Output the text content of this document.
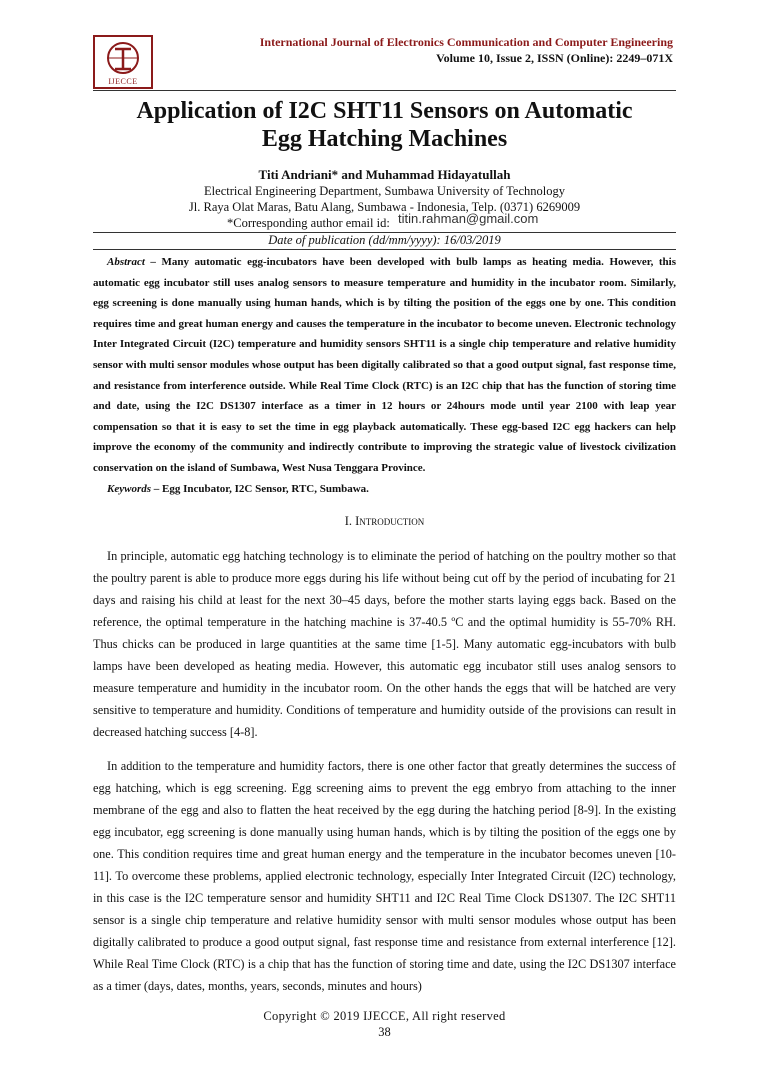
IJECCE
International Journal of Electronics Communication and Computer Engineering
Volume 10, Issue 2, ISSN (Online): 2249–071X
Application of I2C SHT11 Sensors on Automatic
Egg Hatching Machines
Titi Andriani* and Muhammad Hidayatullah
Electrical Engineering Department, Sumbawa University of Technology
Jl. Raya Olat Maras, Batu Alang, Sumbawa - Indonesia, Telp. (0371) 6269009
*Corresponding author email id: titin.rahman@gmail.com
Date of publication (dd/mm/yyyy): 16/03/2019

Abstract – Many automatic egg-incubators have been developed with bulb lamps as heating media. However, this automatic egg incubator still uses analog sensors to measure temperature and humidity in the incubator room. Similarly, egg screening is done manually using human hands, which is by tilting the position of the eggs one by one. This condition requires time and great human energy and causes the temperature in the incubator to become uneven. Electronic technology Inter Integrated Circuit (I2C) temperature and humidity sensors SHT11 is a single chip temperature and relative humidity sensor with multi sensor modules whose output has been digitally calibrated so that a good output signal, fast response time, and resistance from interference outside. While Real Time Clock (RTC) is an I2C chip that has the function of storing time and date, using the I2C DS1307 interface as a timer in 12 hours or 24hours mode until year 2100 with leap year compensation so that it is easy to set the time in egg playback automatically. These egg-based I2C egg hackers can help improve the economy of the community and indirectly contribute to improving the strategic value of livestock civilization conservation on the island of Sumbawa, West Nusa Tenggara Province.

Keywords – Egg Incubator, I2C Sensor, RTC, Sumbawa.
I. Introduction

In principle, automatic egg hatching technology is to eliminate the period of hatching on the poultry mother so that the poultry parent is able to produce more eggs during his life without being cut off by the period of incubating for 21 days and raising his child at least for the next 30–45 days, before the mother starts laying eggs back. Based on the reference, the optimal temperature in the hatching machine is 37-40.5 ºC and the optimal humidity is 55-70% RH. Thus chicks can be produced in large quantities at the same time [1-5]. Many automatic egg-incubators with bulb lamps have been developed as heating media. However, this automatic egg incubator still uses analog sensors to measure temperature and humidity in the incubator room. On the other hands the eggs that will be hatched are very sensitive to temperature and humidity. Conditions of temperature and humidity outside of the provisions can result in decreased hatching success [4-8].

In addition to the temperature and humidity factors, there is one other factor that greatly determines the success of egg hatching, which is egg screening. Egg screening aims to prevent the egg embryo from attaching to the inner membrane of the egg and also to flatten the heat received by the egg during the hatching period [8-9]. In the existing egg incubator, egg screening is done manually using human hands, which is by tilting the position of the eggs one by one. This condition requires time and great human energy and the temperature in the incubator becomes uneven [10-11]. To overcome these problems, applied electronic technology, especially Inter Integrated Circuit (I2C) technology, in this case is the I2C temperature sensor and humidity SHT11 and I2C Real Time Clock DS1307. The I2C SHT11 sensor is a single chip temperature and relative humidity sensor with multi sensor modules whose output has been digitally calibrated to produce a good output signal, fast response time and resistance from external interference [12]. While Real Time Clock (RTC) is a chip that has the function of storing time and date, using the I2C DS1307 interface as a timer (days, dates, months, years, seconds, minutes and hours)

Copyright © 2019 IJECCE, All right reserved
38
